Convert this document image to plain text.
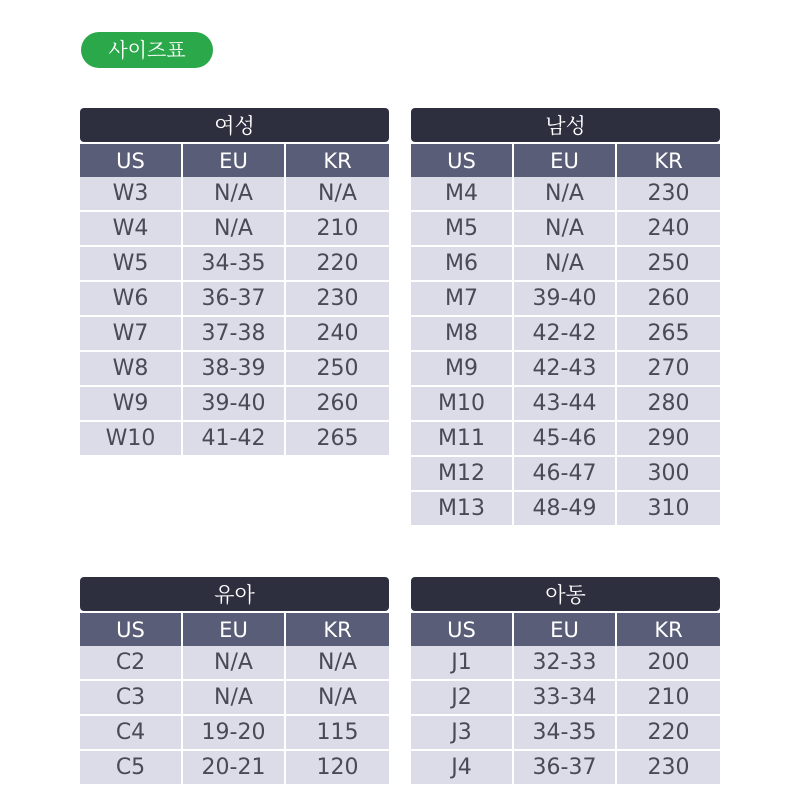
사이즈표
여성		

US	EU	KR
W3	N/A	N/A
W4	N/A	210
W5	34-35	220
W6	36-37	230
W7	37-38	240
W8	38-39	250
W9	39-40	260
W10	41-42	265
남성		

US	EU	KR
M4	N/A	230
M5	N/A	240
M6	N/A	250
M7	39-40	260
M8	42-42	265
M9	42-43	270
M10	43-44	280
M11	45-46	290
M12	46-47	300
M13	48-49	310
유아		

US	EU	KR
C2	N/A	N/A
C3	N/A	N/A
C4	19-20	115
C5	20-21	120
아동		

US	EU	KR
J1	32-33	200
J2	33-34	210
J3	34-35	220
J4	36-37	230
